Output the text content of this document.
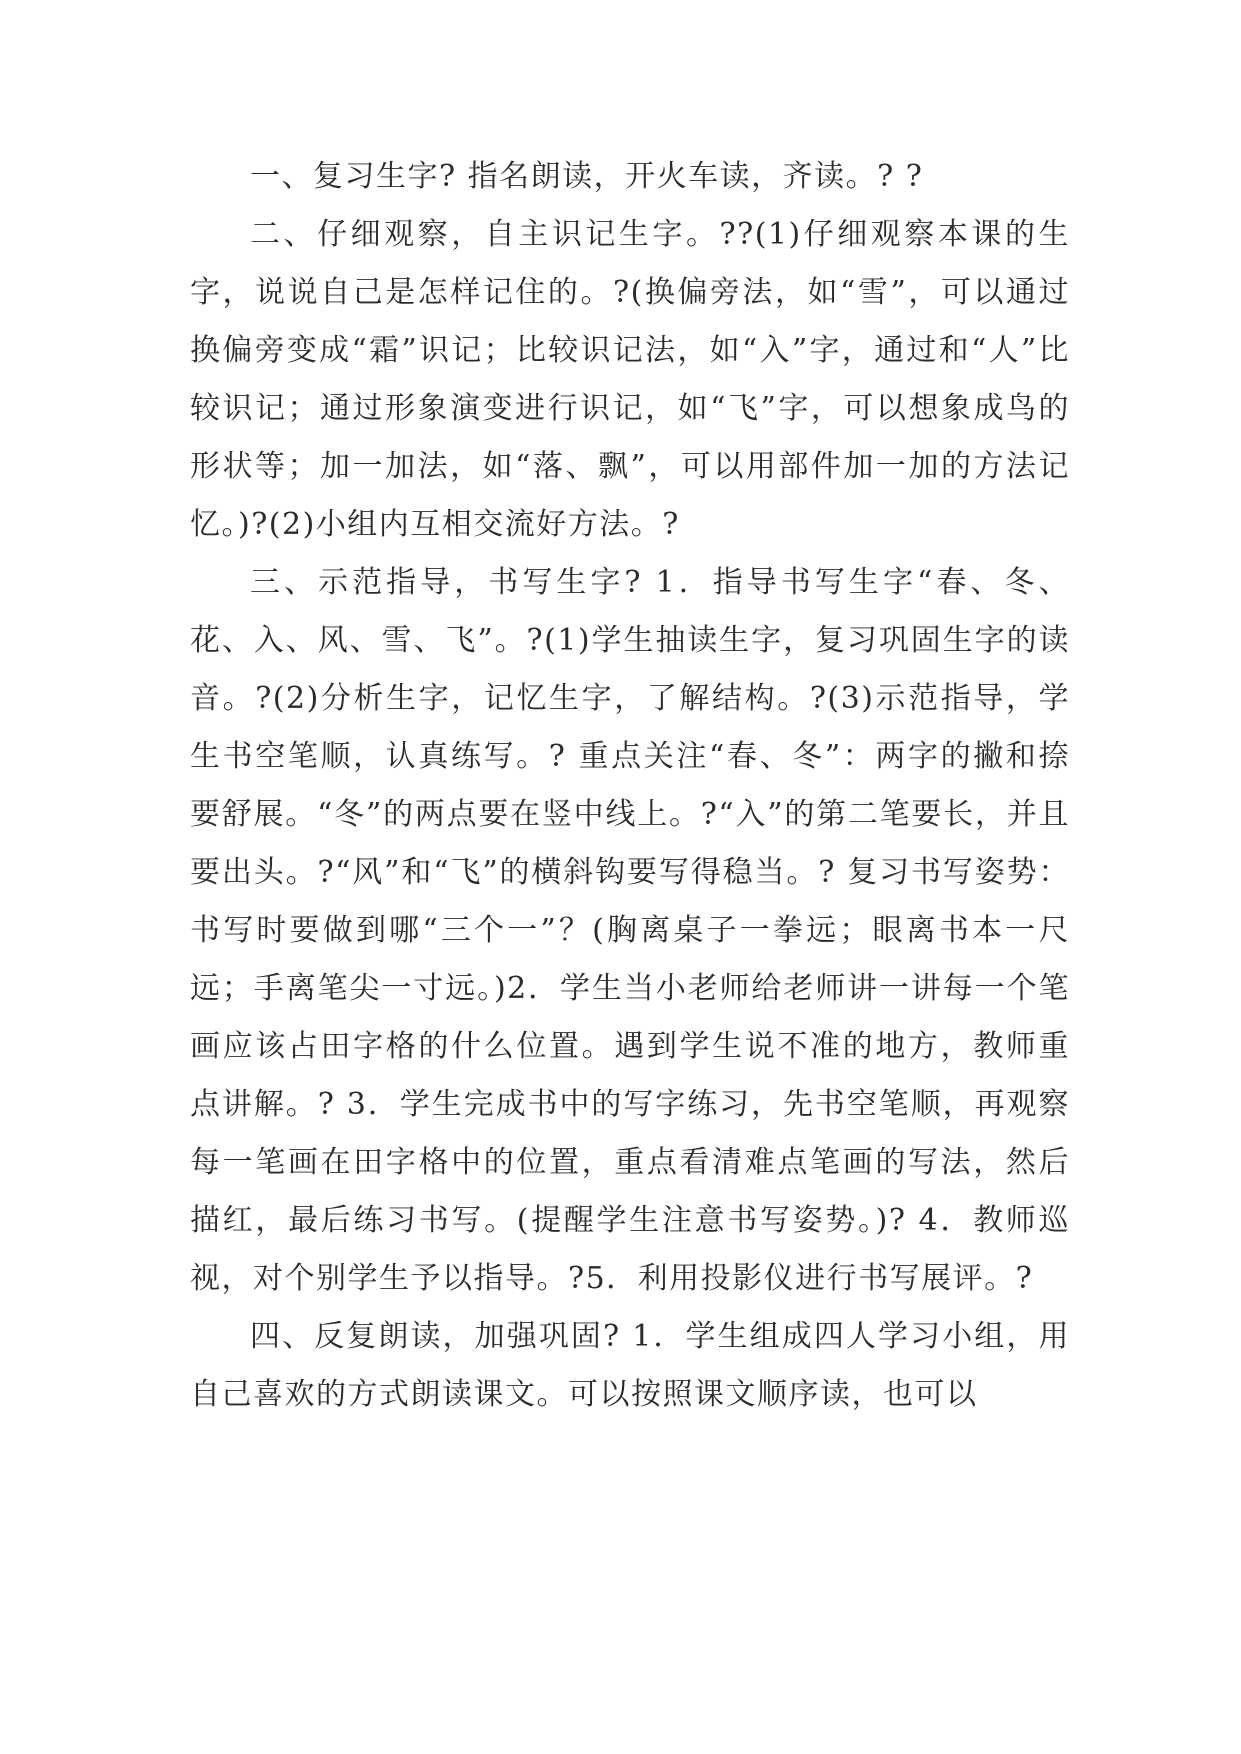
一、复习生字? 指名朗读，开火车读，齐读。? ?

二、仔细观察，自主识记生字。??(1)仔细观察本课的生字，说说自己是怎样记住的。?(换偏旁法，如“雪”，可以通过换偏旁变成“霜”识记；比较识记法，如“入”字，通过和“人”比较识记；通过形象演变进行识记，如“飞”字，可以想象成鸟的形状等；加一加法，如“落、飘”，可以用部件加一加的方法记忆。)?(2)小组内互相交流好方法。?

三、示范指导，书写生字? 1．指导书写生字“春、冬、花、入、风、雪、飞”。?(1)学生抽读生字，复习巩固生字的读音。?(2)分析生字，记忆生字，了解结构。?(3)示范指导，学生书空笔顺，认真练写。? 重点关注“春、冬”：两字的撇和捺要舒展。“冬”的两点要在竖中线上。?“入”的第二笔要长，并且要出头。?“风”和“飞”的横斜钩要写得稳当。? 复习书写姿势：书写时要做到哪“三个一”？(胸离桌子一拳远；眼离书本一尺远；手离笔尖一寸远。)2．学生当小老师给老师讲一讲每一个笔画应该占田字格的什么位置。遇到学生说不准的地方，教师重点讲解。? 3．学生完成书中的写字练习，先书空笔顺，再观察每一笔画在田字格中的位置，重点看清难点笔画的写法，然后描红，最后练习书写。(提醒学生注意书写姿势。)? 4．教师巡视，对个别学生予以指导。?5．利用投影仪进行书写展评。?

四、反复朗读，加强巩固? 1．学生组成四人学习小组，用自己喜欢的方式朗读课文。可以按照课文顺序读，也可以
